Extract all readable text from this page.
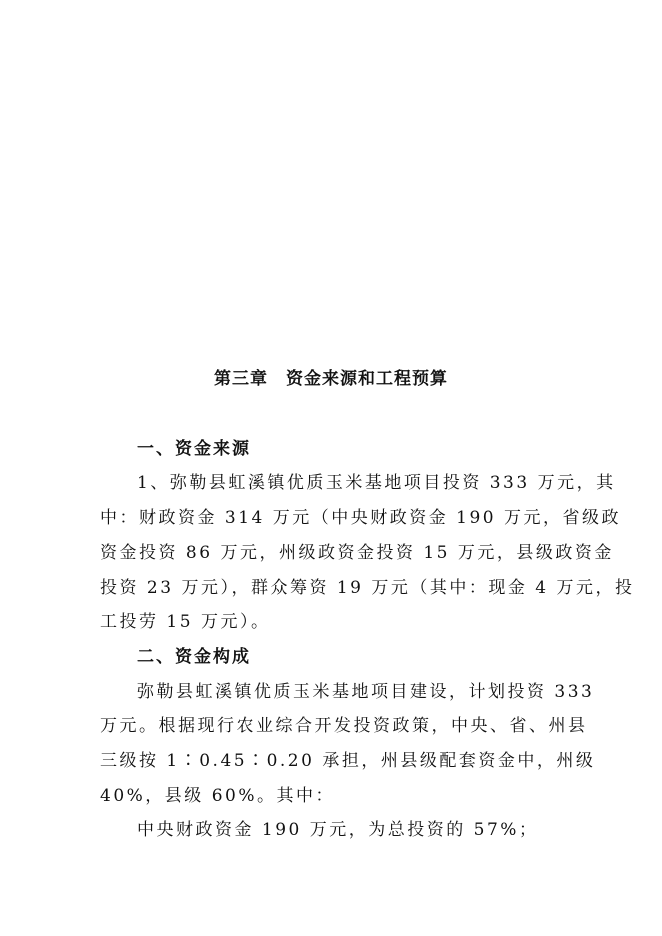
第三章　资金来源和工程预算
一、资金来源
1、弥勒县虹溪镇优质玉米基地项目投资 333 万元，其
中：财政资金 314 万元（中央财政资金 190 万元，省级政
资金投资 86 万元，州级政资金投资 15 万元，县级政资金
投资 23 万元），群众筹资 19 万元（其中：现金 4 万元，投
工投劳 15 万元）。
二、资金构成
弥勒县虹溪镇优质玉米基地项目建设，计划投资 333
万元。根据现行农业综合开发投资政策，中央、省、州县
三级按 1∶0.45∶0.20 承担，州县级配套资金中，州级
40%，县级 60%。其中：
中央财政资金 190 万元，为总投资的 57%；
